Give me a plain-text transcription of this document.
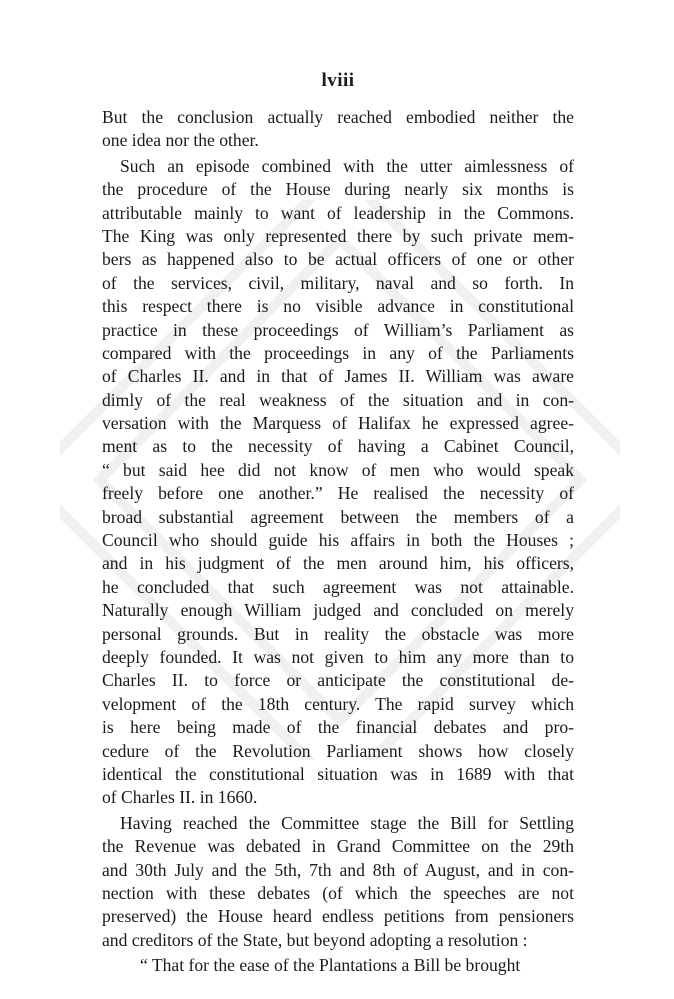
lviii
But the conclusion actually reached embodied neither the
one idea nor the other.
Such an episode combined with the utter aimlessness of
the procedure of the House during nearly six months is
attributable mainly to want of leadership in the Commons.
The King was only represented there by such private mem-
bers as happened also to be actual officers of one or other
of the services, civil, military, naval and so forth. In
this respect there is no visible advance in constitutional
practice in these proceedings of William’s Parliament as
compared with the proceedings in any of the Parliaments
of Charles II. and in that of James II. William was aware
dimly of the real weakness of the situation and in con-
versation with the Marquess of Halifax he expressed agree-
ment as to the necessity of having a Cabinet Council,
“ but said hee did not know of men who would speak
freely before one another.” He realised the necessity of
broad substantial agreement between the members of a
Council who should guide his affairs in both the Houses ;
and in his judgment of the men around him, his officers,
he concluded that such agreement was not attainable.
Naturally enough William judged and concluded on merely
personal grounds. But in reality the obstacle was more
deeply founded. It was not given to him any more than to
Charles II. to force or anticipate the constitutional de-
velopment of the 18th century. The rapid survey which
is here being made of the financial debates and pro-
cedure of the Revolution Parliament shows how closely
identical the constitutional situation was in 1689 with that
of Charles II. in 1660.
Having reached the Committee stage the Bill for Settling
the Revenue was debated in Grand Committee on the 29th
and 30th July and the 5th, 7th and 8th of August, and in con-
nection with these debates (of which the speeches are not
preserved) the House heard endless petitions from pensioners
and creditors of the State, but beyond adopting a resolution :
“ That for the ease of the Plantations a Bill be brought
